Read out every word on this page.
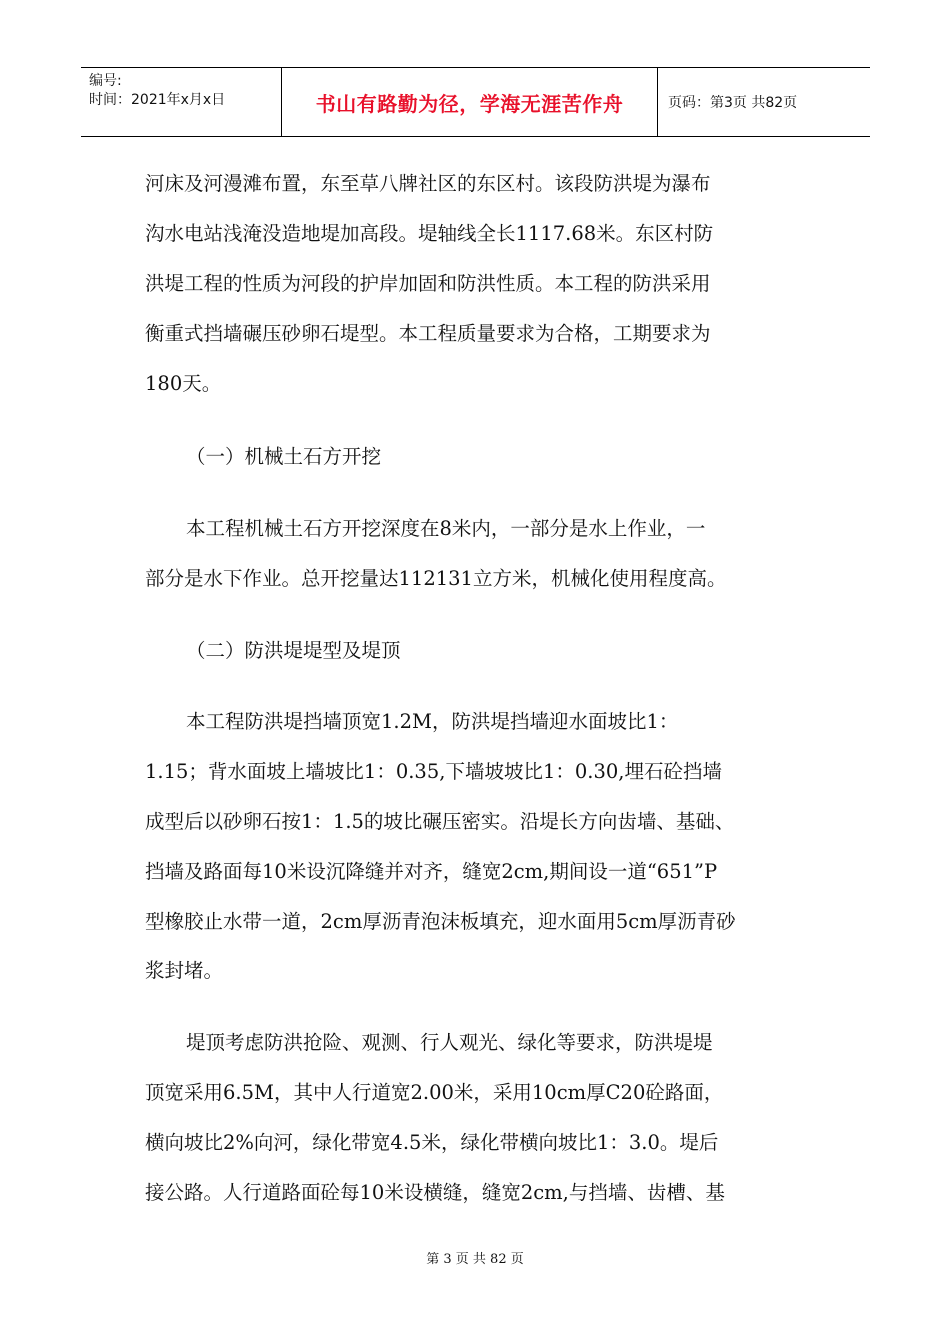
编号:
时间：2021年x月x日	书山有路勤为径，学海无涯苦作舟	页码：第3页 共82页
河床及河漫滩布置，东至草八牌社区的东区村。该段防洪堤为瀑布
沟水电站浅淹没造地堤加高段。堤轴线全长1117.68米。东区村防
洪堤工程的性质为河段的护岸加固和防洪性质。本工程的防洪采用
衡重式挡墙碾压砂卵石堤型。本工程质量要求为合格，工期要求为
180天。
（一）机械土石方开挖
本工程机械土石方开挖深度在8米内，一部分是水上作业，一
部分是水下作业。总开挖量达112131立方米，机械化使用程度高。
（二）防洪堤堤型及堤顶
本工程防洪堤挡墙顶宽1.2M，防洪堤挡墙迎水面坡比1：
1.15；背水面坡上墙坡比1：0.35,下墙坡坡比1：0.30,埋石砼挡墙
成型后以砂卵石按1：1.5的坡比碾压密实。沿堤长方向齿墙、基础、
挡墙及路面每10米设沉降缝并对齐，缝宽2cm,期间设一道“651”P
型橡胶止水带一道，2cm厚沥青泡沫板填充，迎水面用5cm厚沥青砂
浆封堵。
堤顶考虑防洪抢险、观测、行人观光、绿化等要求，防洪堤堤
顶宽采用6.5M，其中人行道宽2.00米，采用10cm厚C20砼路面，
横向坡比2%向河，绿化带宽4.5米，绿化带横向坡比1：3.0。堤后
接公路。人行道路面砼每10米设横缝，缝宽2cm,与挡墙、齿槽、基
第 3 页 共 82 页
